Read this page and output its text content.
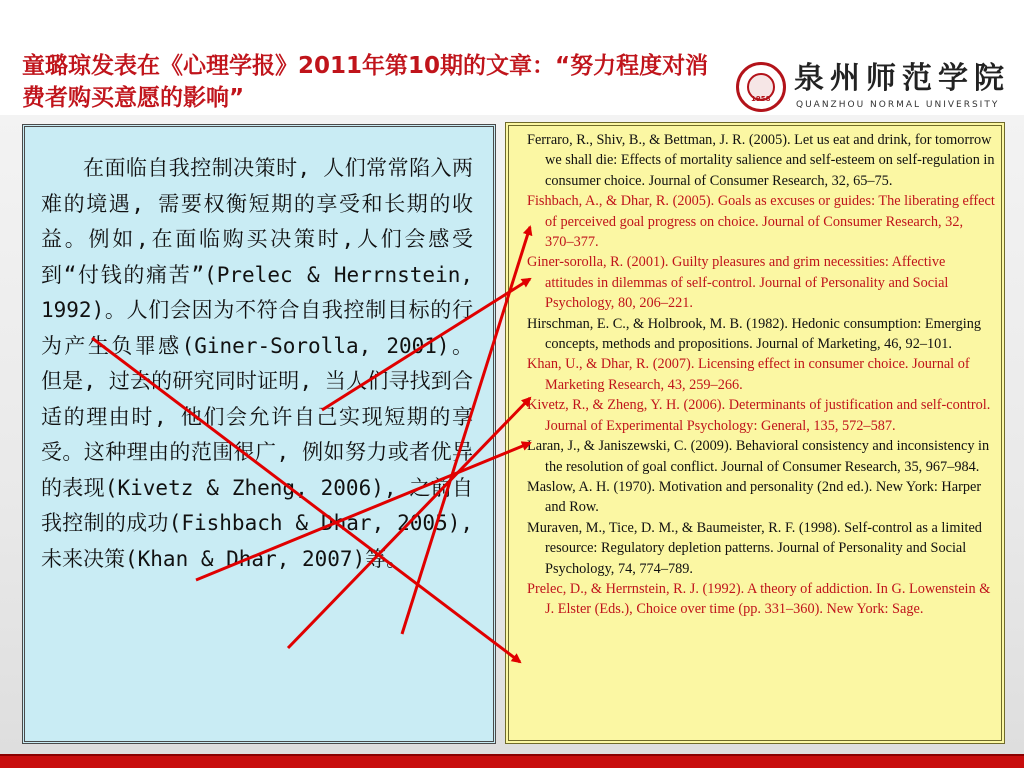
童璐琼发表在《心理学报》2011年第10期的文章：“努力程度对消费者购买意愿的影响”	1958
泉州师范学院
QUANZHOU NORMAL UNIVERSITY
在面临自我控制决策时, 人们常常陷入两难的境遇, 需要权衡短期的享受和长期的收益。例如,在面临购买决策时,人们会感受到“付钱的痛苦”(Prelec & Herrnstein, 1992)。人们会因为不符合自我控制目标的行为产生负罪感(Giner-Sorolla, 2001)。但是, 过去的研究同时证明, 当人们寻找到合适的理由时, 他们会允许自己实现短期的享受。这种理由的范围很广, 例如努力或者优异的表现(Kivetz & Zheng, 2006), 之前自我控制的成功(Fishbach & Dhar, 2005), 未来决策(Khan & Dhar, 2007)等。

Ferraro, R., Shiv, B., & Bettman, J. R. (2005). Let us eat and drink, for tomorrow we shall die: Effects of mortality salience and self-esteem on self-regulation in consumer choice. Journal of Consumer Research, 32, 65–75.

Fishbach, A., & Dhar, R. (2005). Goals as excuses or guides: The liberating effect of perceived goal progress on choice. Journal of Consumer Research, 32, 370–377.

Giner-sorolla, R. (2001). Guilty pleasures and grim necessities: Affective attitudes in dilemmas of self-control. Journal of Personality and Social Psychology, 80, 206–221.

Hirschman, E. C., & Holbrook, M. B. (1982). Hedonic consumption: Emerging concepts, methods and propositions. Journal of Marketing, 46, 92–101.

Khan, U., & Dhar, R. (2007). Licensing effect in consumer choice. Journal of Marketing Research, 43, 259–266.

Kivetz, R., & Zheng, Y. H. (2006). Determinants of justification and self-control. Journal of Experimental Psychology: General, 135, 572–587.

Laran, J., & Janiszewski, C. (2009). Behavioral consistency and inconsistency in the resolution of goal conflict. Journal of Consumer Research, 35, 967–984.

Maslow, A. H. (1970). Motivation and personality (2nd ed.). New York: Harper and Row.

Muraven, M., Tice, D. M., & Baumeister, R. F. (1998). Self-control as a limited resource: Regulatory depletion patterns. Journal of Personality and Social Psychology, 74, 774–789.

Prelec, D., & Herrnstein, R. J. (1992). A theory of addiction. In G. Lowenstein & J. Elster (Eds.), Choice over time (pp. 331–360). New York: Sage.
